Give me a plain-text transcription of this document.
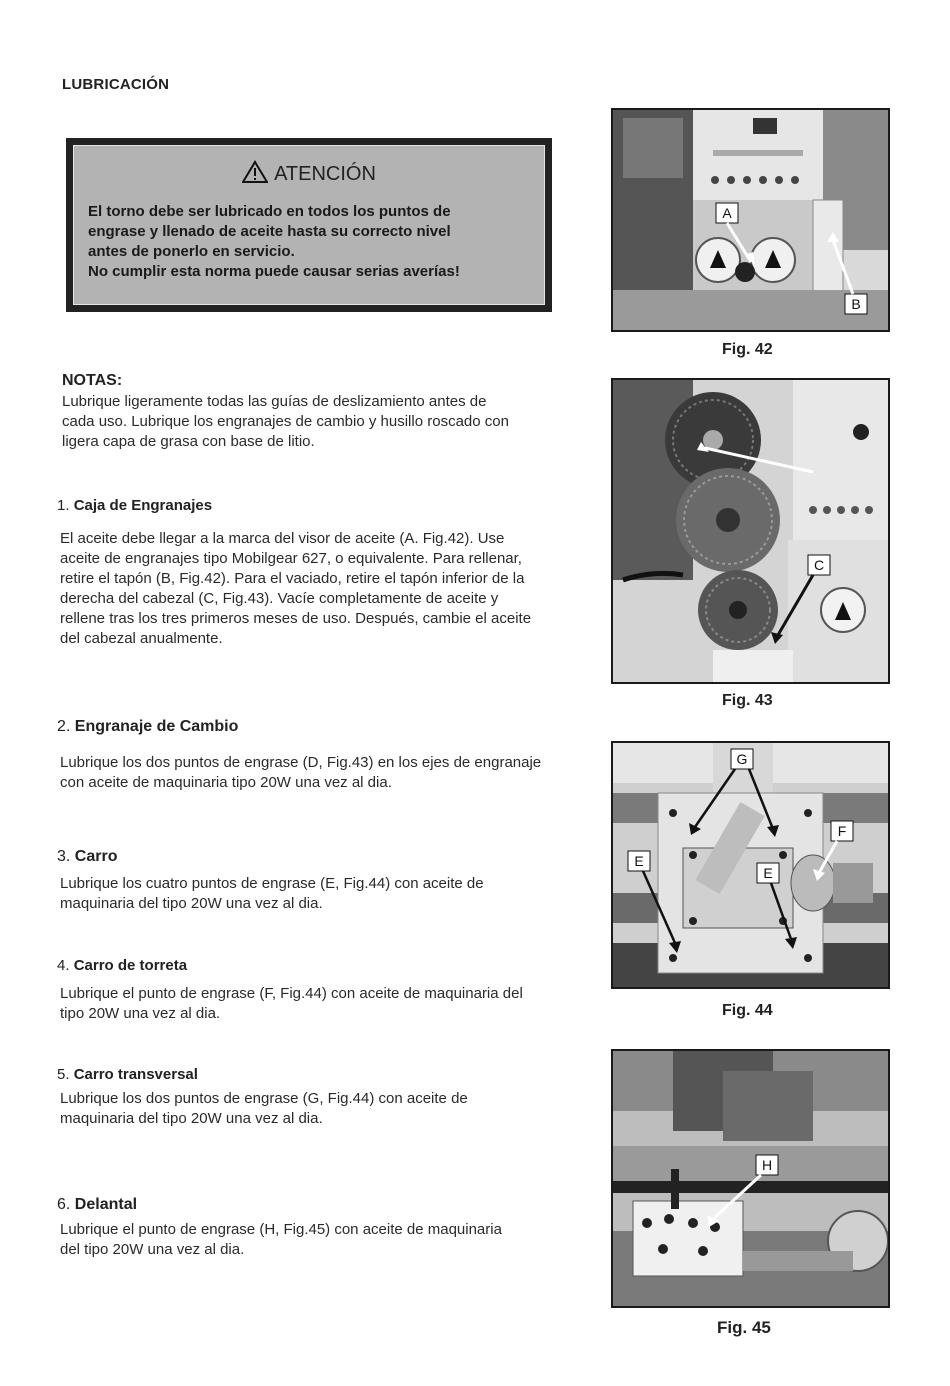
LUBRICACIÓN
ATENCIÓN
El torno debe ser lubricado en todos los puntos de
engrase y llenado de aceite hasta su correcto nivel
antes de ponerlo en servicio.
No cumplir esta norma puede causar serias averías!
NOTAS:
Lubrique ligeramente todas las guías de deslizamiento antes de
cada uso. Lubrique los engranajes de cambio y husillo roscado con
ligera capa de grasa con base de litio.
1. Caja de Engranajes
El aceite debe llegar a la marca del visor de aceite (A. Fig.42). Use
aceite de engranajes tipo Mobilgear 627, o equivalente. Para rellenar,
retire el tapón (B, Fig.42). Para el vaciado, retire el tapón inferior de la
derecha del cabezal (C, Fig.43). Vacíe completamente de aceite y
rellene tras los tres primeros meses de uso. Después, cambie el aceite
del cabezal anualmente.
2. Engranaje de Cambio
Lubrique los dos puntos de engrase (D, Fig.43) en los ejes de engranaje
con aceite de maquinaria tipo 20W una vez al dia.
3. Carro
Lubrique los cuatro puntos de engrase (E, Fig.44) con aceite de
maquinaria del tipo 20W una vez al dia.
4. Carro de torreta
Lubrique el punto de engrase (F, Fig.44) con aceite de maquinaria del
tipo 20W una vez al dia.
5. Carro transversal
Lubrique los dos puntos de engrase (G, Fig.44) con aceite de
maquinaria del tipo 20W una vez al dia.
6. Delantal
Lubrique el punto de engrase (H, Fig.45) con aceite de maquinaria
del tipo 20W una vez al dia.
A
B
Fig. 42
C
Fig. 43
G
F
E
E
Fig. 44
H
Fig. 45
